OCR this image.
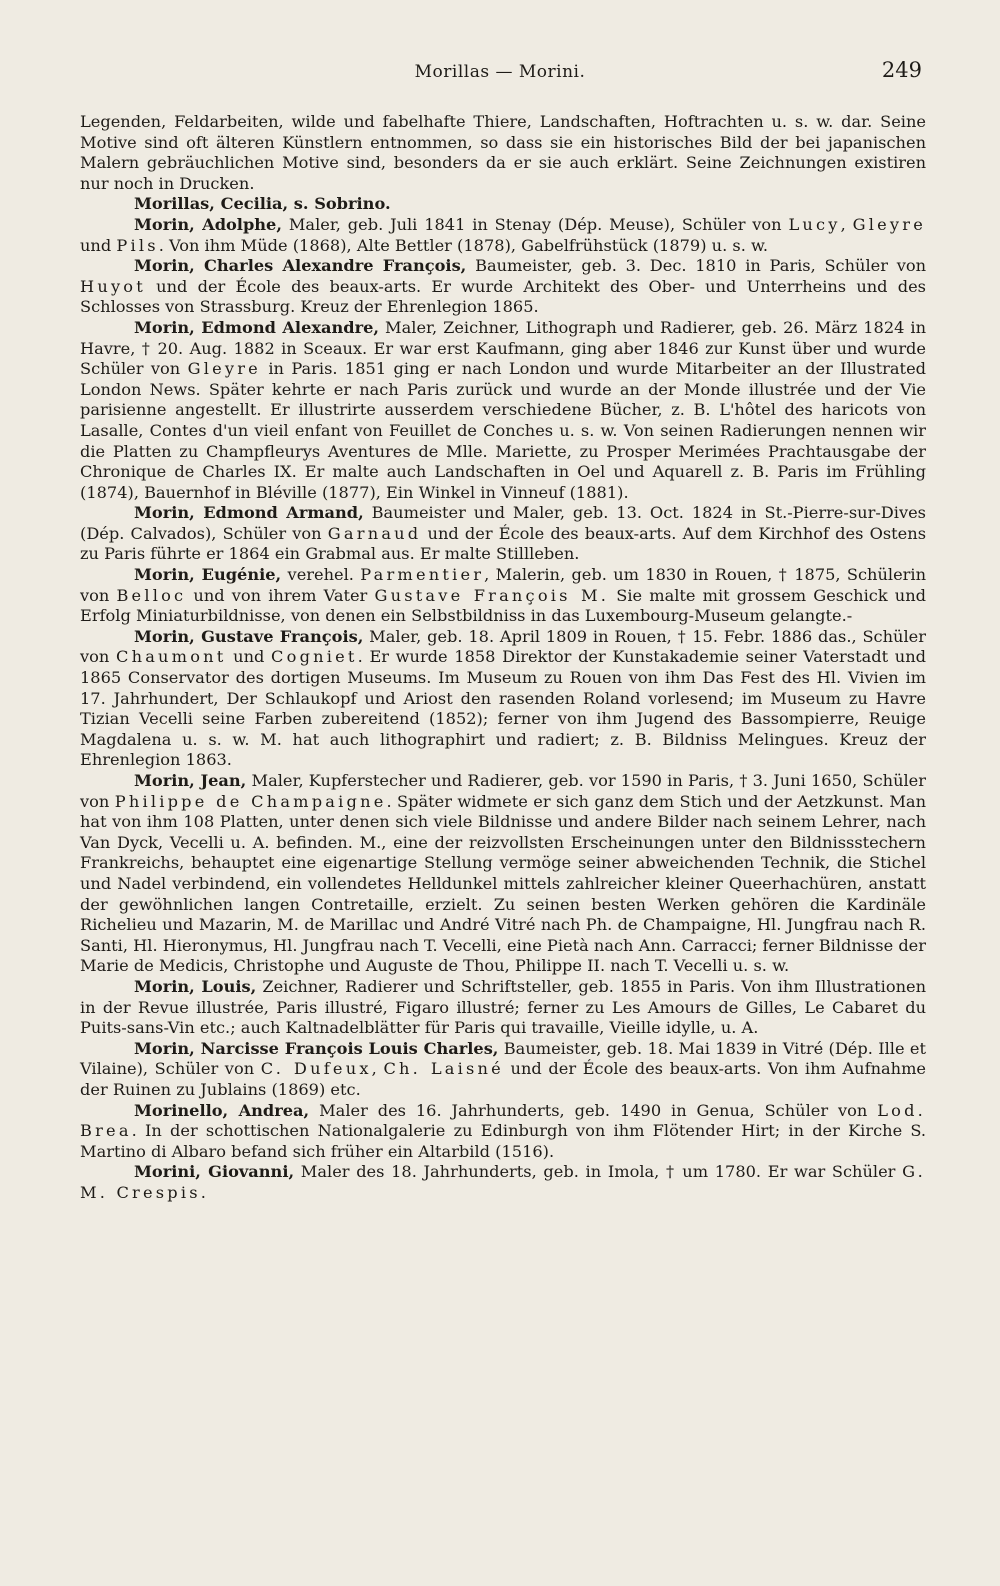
Morillas — Morini.	249

Legenden, Feldarbeiten, wilde und fabelhafte Thiere, Landschaften, Hoftrachten u. s. w. dar. Seine Motive sind oft älteren Künstlern entnommen, so dass sie ein historisches Bild der bei japanischen Malern gebräuchlichen Motive sind, besonders da er sie auch erklärt. Seine Zeichnungen existiren nur noch in Drucken.

Morillas, Cecilia, s. Sobrino.

Morin, Adolphe, Maler, geb. Juli 1841 in Stenay (Dép. Meuse), Schüler von Lucy, Gleyre und Pils. Von ihm Müde (1868), Alte Bettler (1878), Gabelfrühstück (1879) u. s. w.

Morin, Charles Alexandre François, Baumeister, geb. 3. Dec. 1810 in Paris, Schüler von Huyot und der École des beaux-arts. Er wurde Architekt des Ober- und Unterrheins und des Schlosses von Strassburg. Kreuz der Ehrenlegion 1865.

Morin, Edmond Alexandre, Maler, Zeichner, Lithograph und Radierer, geb. 26. März 1824 in Havre, † 20. Aug. 1882 in Sceaux. Er war erst Kaufmann, ging aber 1846 zur Kunst über und wurde Schüler von Gleyre in Paris. 1851 ging er nach London und wurde Mitarbeiter an der Illustrated London News. Später kehrte er nach Paris zurück und wurde an der Monde illustrée und der Vie parisienne angestellt. Er illustrirte ausserdem verschiedene Bücher, z. B. L'hôtel des haricots von Lasalle, Contes d'un vieil enfant von Feuillet de Conches u. s. w. Von seinen Radierungen nennen wir die Platten zu Champfleurys Aventures de Mlle. Mariette, zu Prosper Merimées Prachtausgabe der Chronique de Charles IX. Er malte auch Landschaften in Oel und Aquarell z. B. Paris im Frühling (1874), Bauernhof in Bléville (1877), Ein Winkel in Vinneuf (1881).

Morin, Edmond Armand, Baumeister und Maler, geb. 13. Oct. 1824 in St.-Pierre-sur-Dives (Dép. Calvados), Schüler von Garnaud und der École des beaux-arts. Auf dem Kirchhof des Ostens zu Paris führte er 1864 ein Grabmal aus. Er malte Stillleben.

Morin, Eugénie, verehel. Parmentier, Malerin, geb. um 1830 in Rouen, † 1875, Schülerin von Belloc und von ihrem Vater Gustave François M. Sie malte mit grossem Geschick und Erfolg Miniaturbildnisse, von denen ein Selbstbildniss in das Luxembourg-Museum gelangte.-

Morin, Gustave François, Maler, geb. 18. April 1809 in Rouen, † 15. Febr. 1886 das., Schüler von Chaumont und Cogniet. Er wurde 1858 Direktor der Kunstakademie seiner Vaterstadt und 1865 Conservator des dortigen Museums. Im Museum zu Rouen von ihm Das Fest des Hl. Vivien im 17. Jahrhundert, Der Schlaukopf und Ariost den rasenden Roland vorlesend; im Museum zu Havre Tizian Vecelli seine Farben zubereitend (1852); ferner von ihm Jugend des Bassompierre, Reuige Magdalena u. s. w. M. hat auch lithographirt und radiert; z. B. Bildniss Melingues. Kreuz der Ehrenlegion 1863.

Morin, Jean, Maler, Kupferstecher und Radierer, geb. vor 1590 in Paris, † 3. Juni 1650, Schüler von Philippe de Champaigne. Später widmete er sich ganz dem Stich und der Aetzkunst. Man hat von ihm 108 Platten, unter denen sich viele Bildnisse und andere Bilder nach seinem Lehrer, nach Van Dyck, Vecelli u. A. befinden. M., eine der reizvollsten Erscheinungen unter den Bildnissstechern Frankreichs, behauptet eine eigenartige Stellung vermöge seiner abweichenden Technik, die Stichel und Nadel verbindend, ein vollendetes Helldunkel mittels zahlreicher kleiner Queerhachüren, anstatt der gewöhnlichen langen Contretaille, erzielt. Zu seinen besten Werken gehören die Kardinäle Richelieu und Mazarin, M. de Marillac und André Vitré nach Ph. de Champaigne, Hl. Jungfrau nach R. Santi, Hl. Hieronymus, Hl. Jungfrau nach T. Vecelli, eine Pietà nach Ann. Carracci; ferner Bildnisse der Marie de Medicis, Christophe und Auguste de Thou, Philippe II. nach T. Vecelli u. s. w.

Morin, Louis, Zeichner, Radierer und Schriftsteller, geb. 1855 in Paris. Von ihm Illustrationen in der Revue illustrée, Paris illustré, Figaro illustré; ferner zu Les Amours de Gilles, Le Cabaret du Puits-sans-Vin etc.; auch Kaltnadelblätter für Paris qui travaille, Vieille idylle, u. A.

Morin, Narcisse François Louis Charles, Baumeister, geb. 18. Mai 1839 in Vitré (Dép. Ille et Vilaine), Schüler von C. Dufeux, Ch. Laisné und der École des beaux-arts. Von ihm Aufnahme der Ruinen zu Jublains (1869) etc.

Morinello, Andrea, Maler des 16. Jahrhunderts, geb. 1490 in Genua, Schüler von Lod. Brea. In der schottischen Nationalgalerie zu Edinburgh von ihm Flötender Hirt; in der Kirche S. Martino di Albaro befand sich früher ein Altarbild (1516).

Morini, Giovanni, Maler des 18. Jahrhunderts, geb. in Imola, † um 1780. Er war Schüler G. M. Crespis.
